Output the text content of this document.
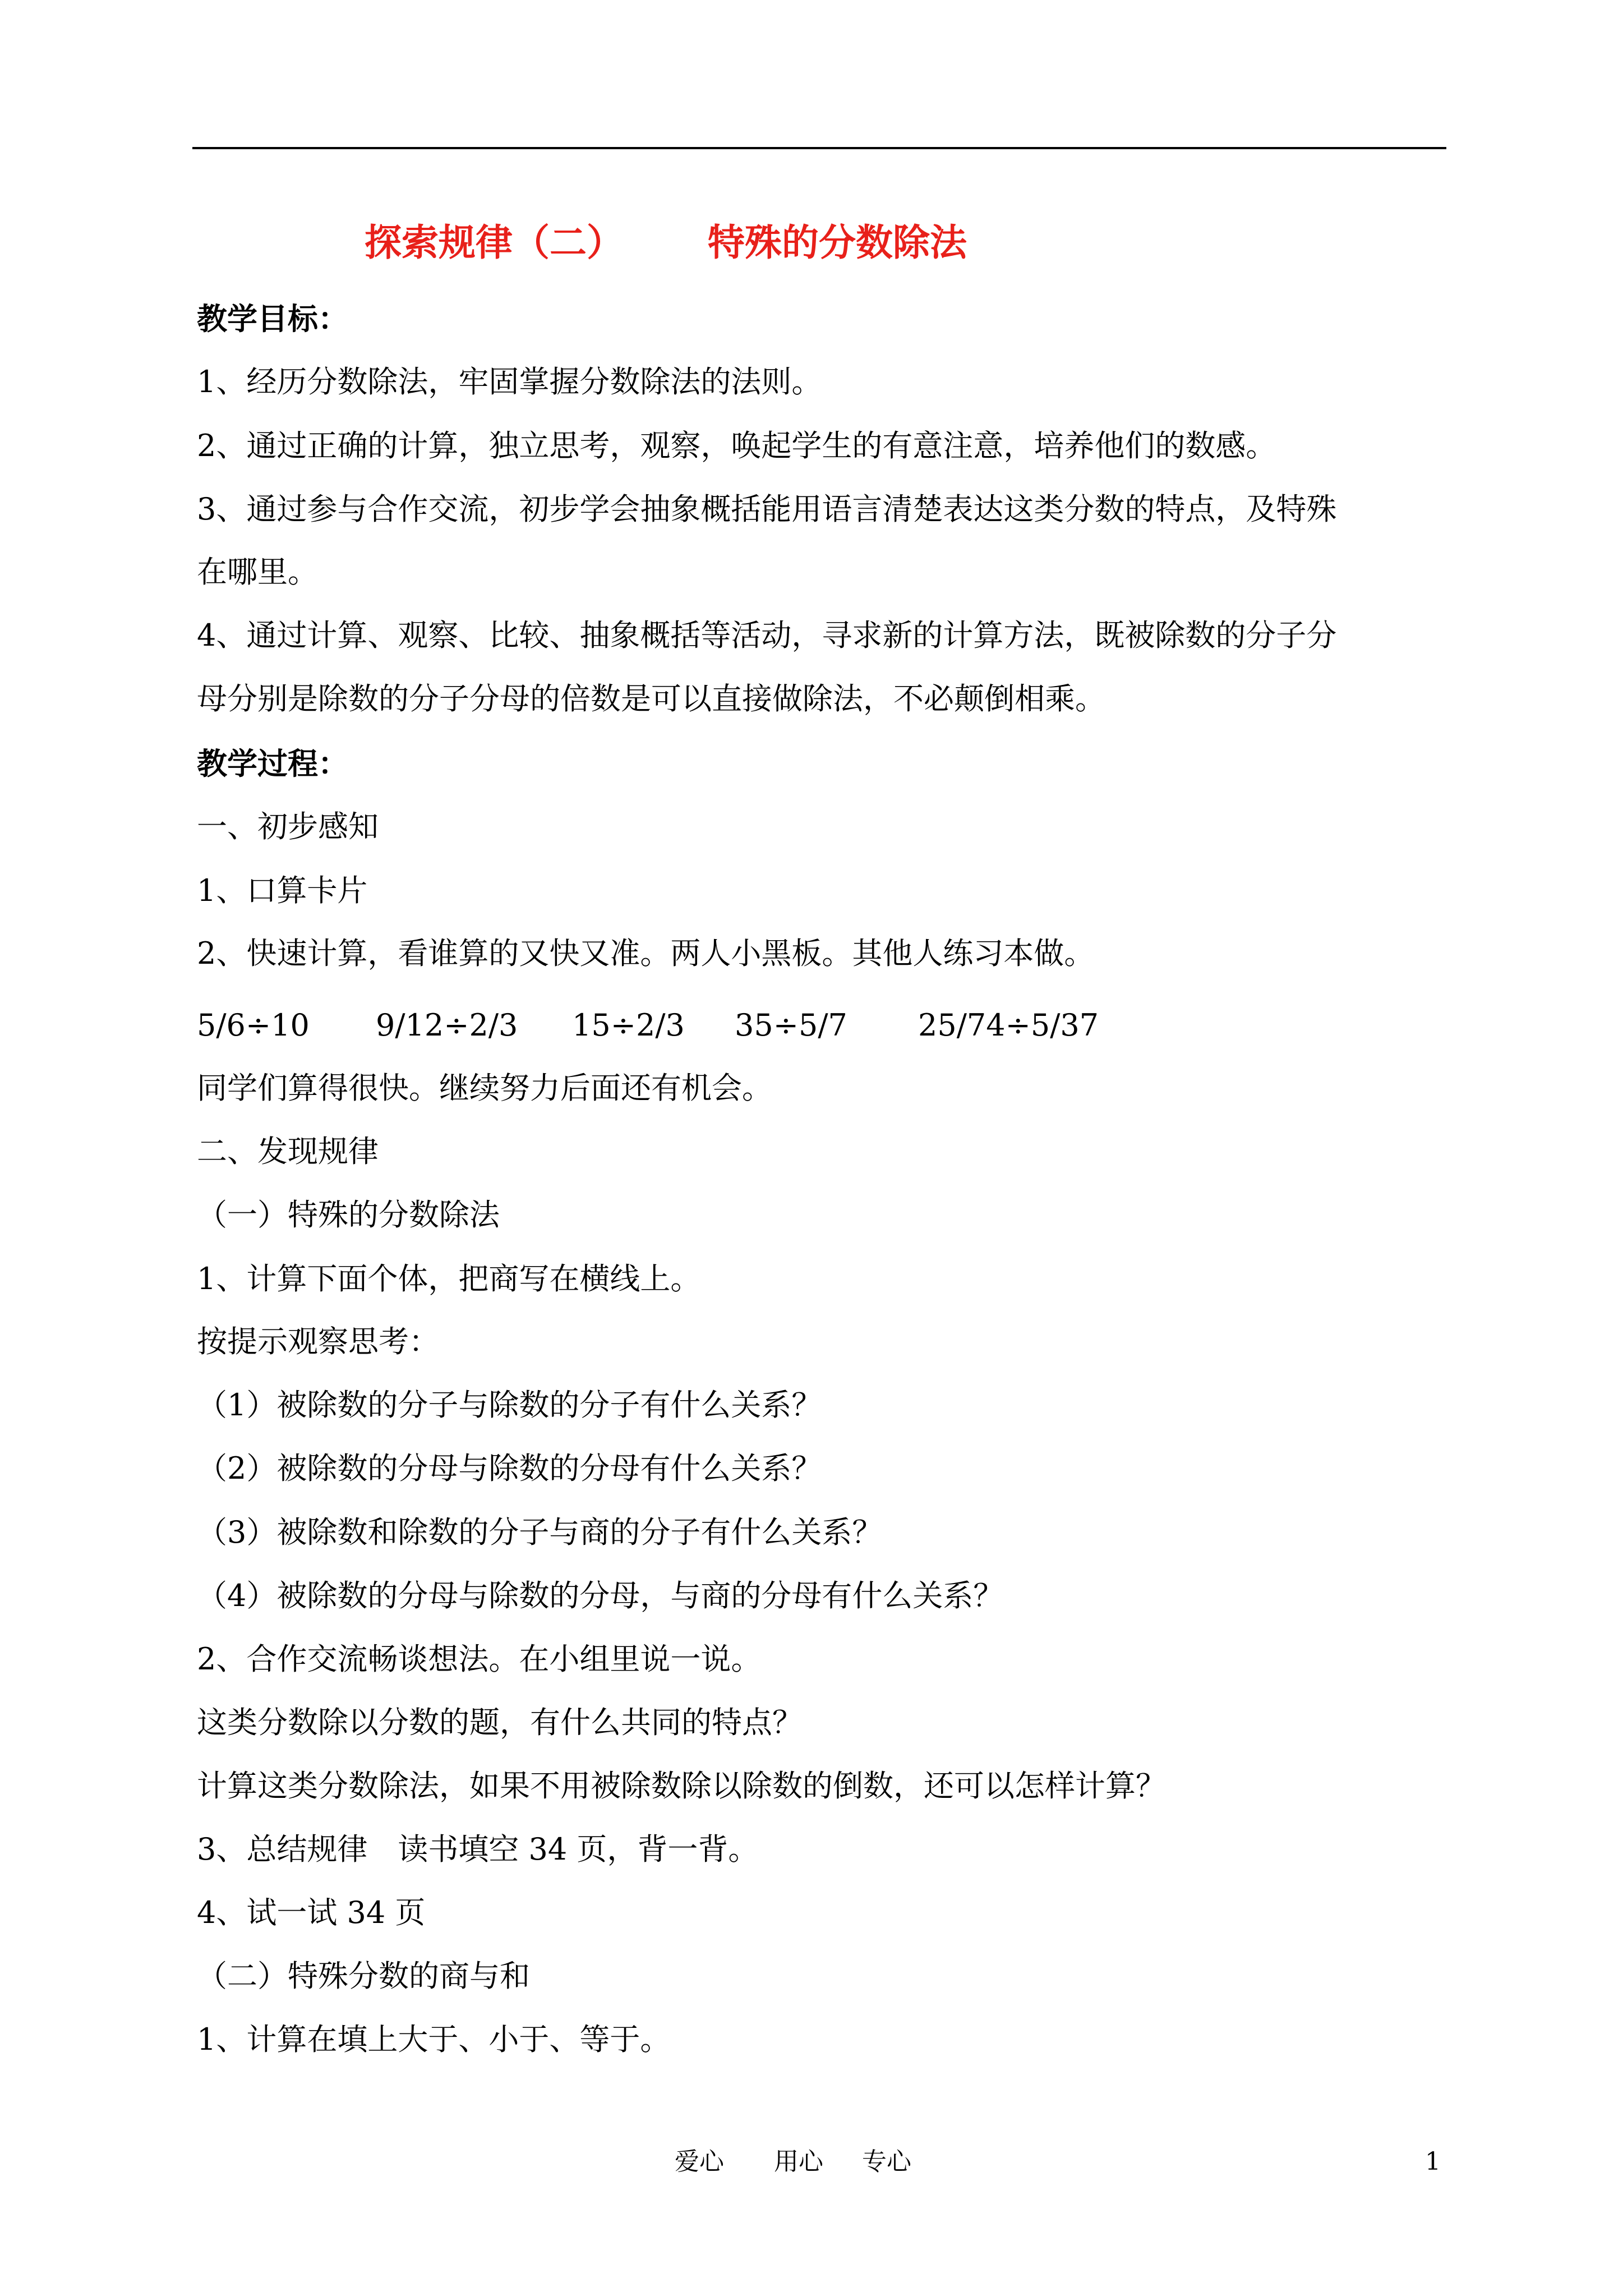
探索规律（二） 特殊的分数除法
教学目标：
1、经历分数除法，牢固掌握分数除法的法则。
2、通过正确的计算，独立思考，观察，唤起学生的有意注意，培养他们的数感。
3、通过参与合作交流，初步学会抽象概括能用语言清楚表达这类分数的特点，及特殊
在哪里。
4、通过计算、观察、比较、抽象概括等活动，寻求新的计算方法，既被除数的分子分
母分别是除数的分子分母的倍数是可以直接做除法，不必颠倒相乘。
教学过程：
一、初步感知
1、口算卡片
2、快速计算，看谁算的又快又准。两人小黑板。其他人练习本做。
5/6÷10 9/12÷2/3 15÷2/3 35÷5/7 25/74÷5/37
同学们算得很快。继续努力后面还有机会。
二、发现规律
（一）特殊的分数除法
1、计算下面个体，把商写在横线上。
按提示观察思考：
（1）被除数的分子与除数的分子有什么关系？
（2）被除数的分母与除数的分母有什么关系？
（3）被除数和除数的分子与商的分子有什么关系？
（4）被除数的分母与除数的分母，与商的分母有什么关系？
2、合作交流畅谈想法。在小组里说一说。
这类分数除以分数的题，有什么共同的特点？
计算这类分数除法，如果不用被除数除以除数的倒数，还可以怎样计算？
3、总结规律　读书填空 34 页，背一背。
4、试一试 34 页
（二）特殊分数的商与和
1、计算在填上大于、小于、等于。
爱心 用心 专心	1
